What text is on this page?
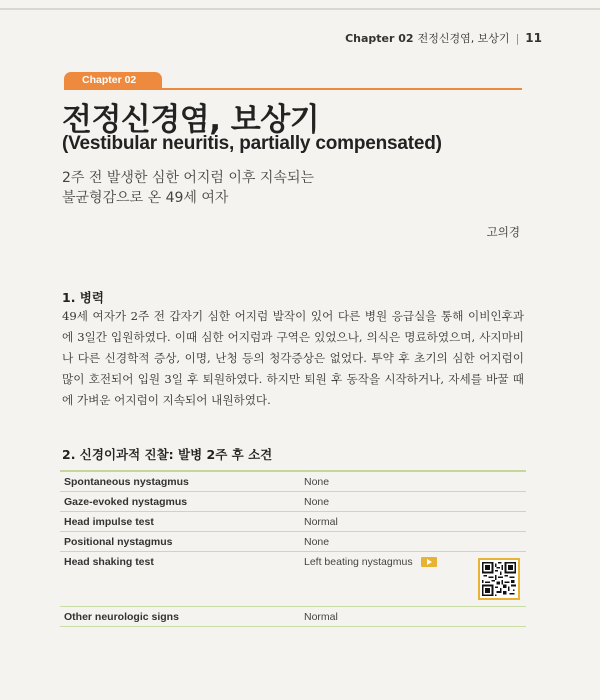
Chapter 02 전정신경염, 보상기 | 11
Chapter 02
전정신경염, 보상기
(Vestibular neuritis, partially compensated)
2주 전 발생한 심한 어지럼 이후 지속되는
불균형감으로 온 49세 여자
고의경
1. 병력
49세 여자가 2주 전 갑자기 심한 어지럼 발작이 있어 다른 병원 응급실을 통해 이비인후과에 3일간 입원하였다. 이때 심한 어지럼과 구역은 있었으나, 의식은 명료하였으며, 사지마비나 다른 신경학적 증상, 이명, 난청 등의 청각증상은 없었다. 투약 후 초기의 심한 어지럼이 많이 호전되어 입원 3일 후 퇴원하였다. 하지만 퇴원 후 동작을 시작하거나, 자세를 바꿀 때에 가벼운 어지럼이 지속되어 내원하였다.
2. 신경이과적 진찰: 발병 2주 후 소견
Spontaneous nystagmus	None
Gaze-evoked nystagmus	None
Head impulse test	Normal
Positional nystagmus	None
Head shaking test	Left beating nystagmus
Other neurologic signs	Normal
